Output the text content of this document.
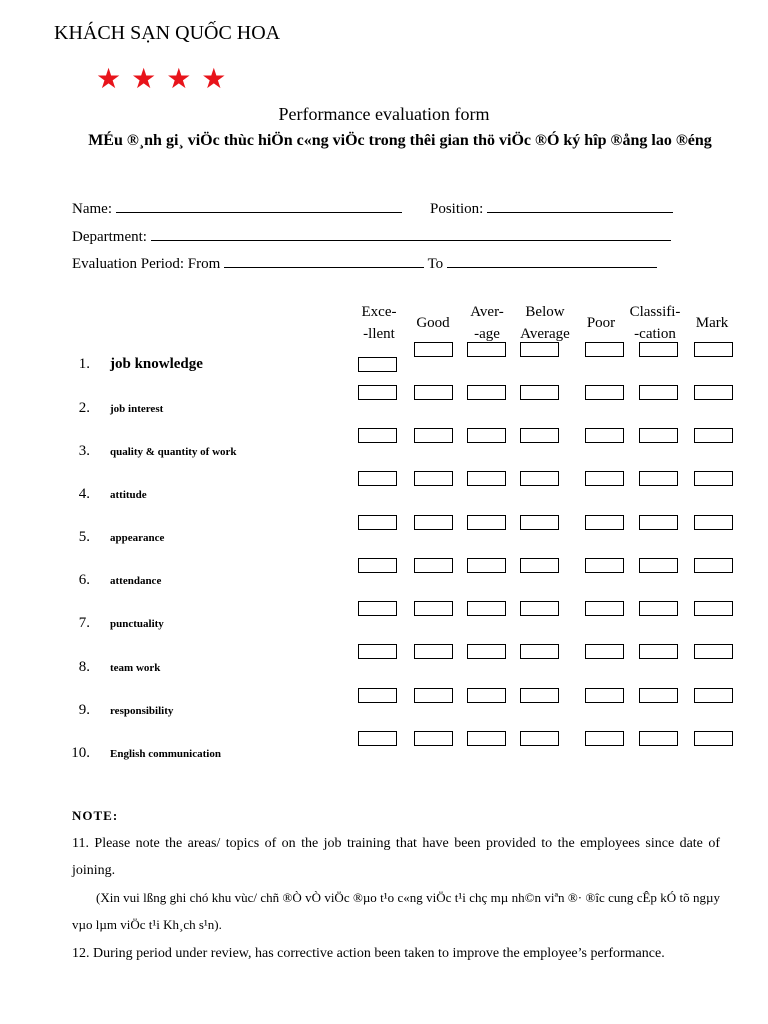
KHÁCH SẠN QUỐC HOA
★★★★
Performance evaluation form
MÉu ®¸nh gi¸ viÖc thùc hiÖn c«ng viÖc trong thêi gian thö viÖc ®Ó ký hîp ®ång lao ®éng
Name:	Position:
Department:
Evaluation Period: From	To
Exce-
-llent
Good
Aver-
-age
Below
Average
Poor
Classifi-
-cation
Mark
1. job knowledge
2. job interest
3. quality & quantity of work
4. attitude
5. appearance
6. attendance
7. punctuality
8. team work
9. responsibility
10. English communication
NOTE:
11. Please note the areas/ topics of on the job training that have been provided to the employees since date of joining.
(Xin vui lßng ghi chó khu vùc/ chñ ®Ò vÒ viÖc ®µo t¹o c«ng viÖc t¹i chç mµ nh©n viªn ®· ®îc cung cÊp kÓ tõ ngµy vµo lµm viÖc t¹i Kh¸ch s¹n).
12. During period under review, has corrective action been taken to improve the employee’s performance.
